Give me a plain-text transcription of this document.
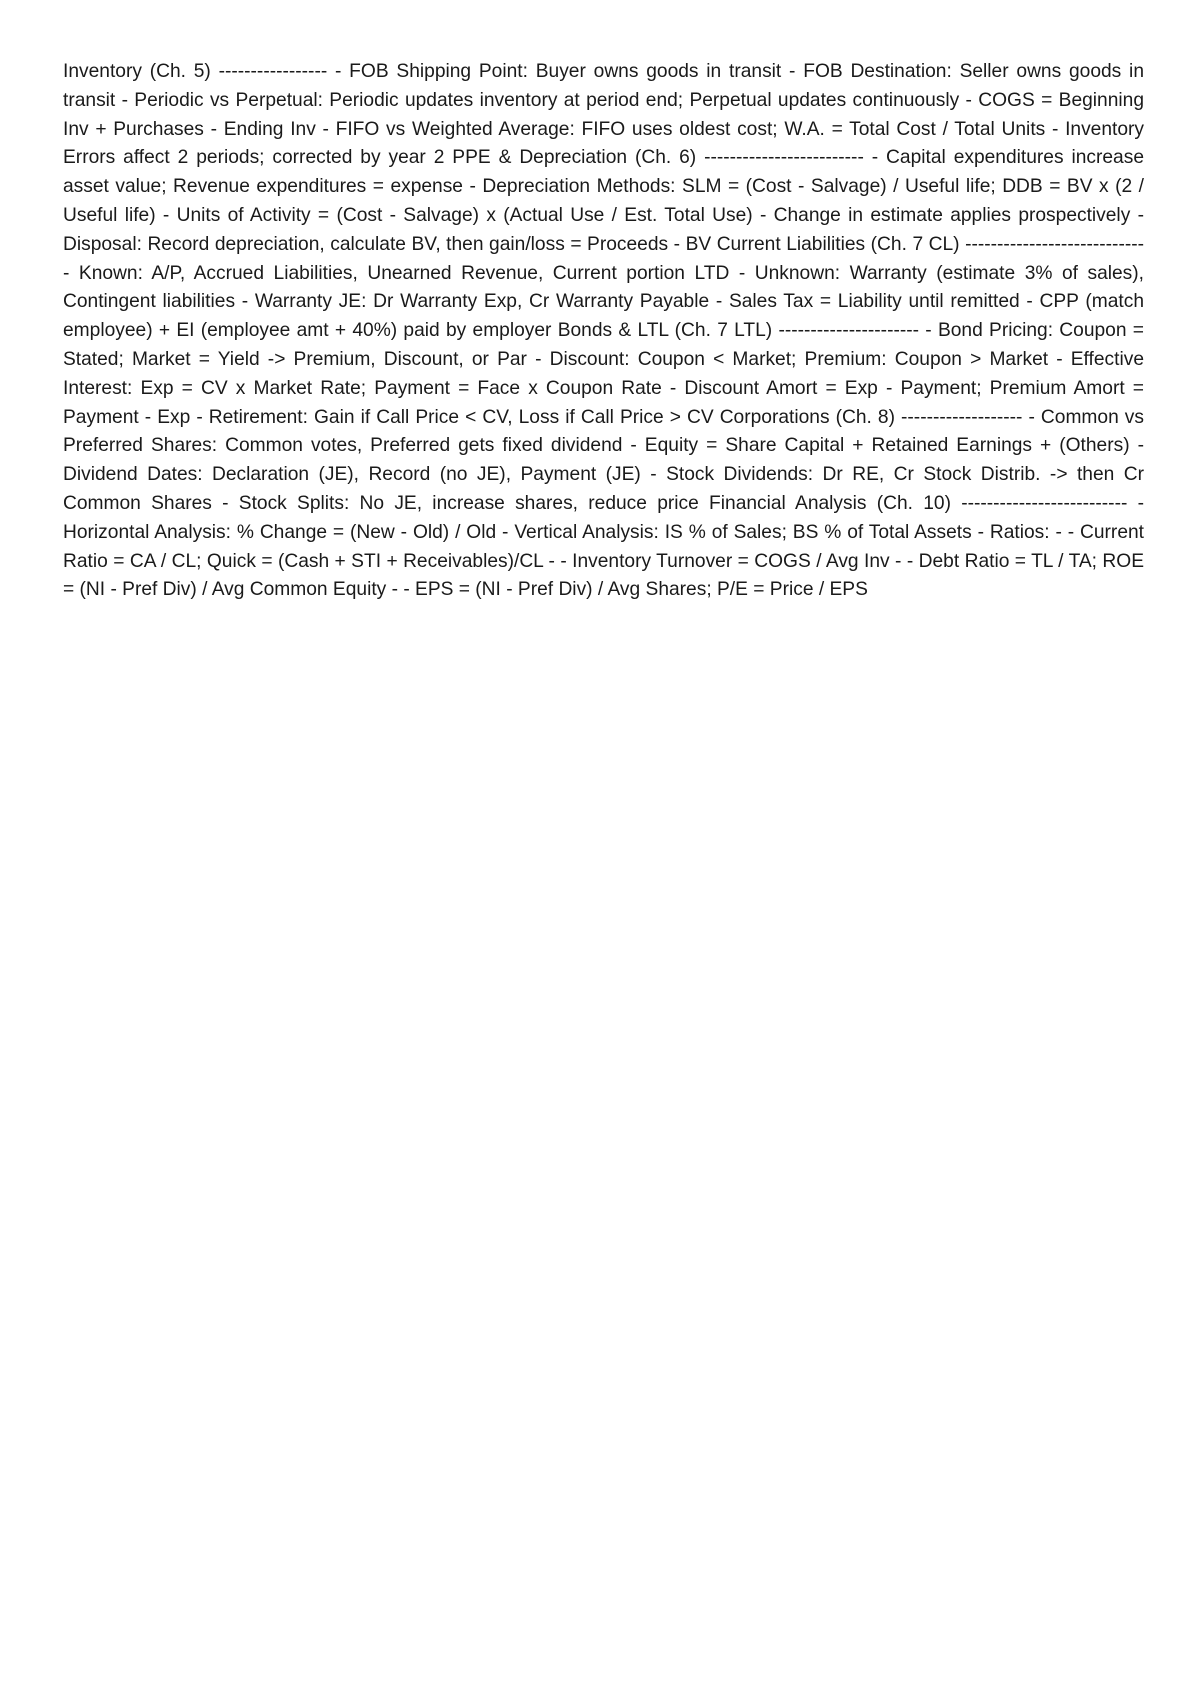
Inventory (Ch. 5) ----------------- - FOB Shipping Point: Buyer owns goods in transit - FOB Destination: Seller owns goods in transit - Periodic vs Perpetual: Periodic updates inventory at period end; Perpetual updates continuously - COGS = Beginning Inv + Purchases - Ending Inv - FIFO vs Weighted Average: FIFO uses oldest cost; W.A. = Total Cost / Total Units - Inventory Errors affect 2 periods; corrected by year 2 PPE & Depreciation (Ch. 6) ------------------------- - Capital expenditures increase asset value; Revenue expenditures = expense - Depreciation Methods: SLM = (Cost - Salvage) / Useful life; DDB = BV x (2 / Useful life) - Units of Activity = (Cost - Salvage) x (Actual Use / Est. Total Use) - Change in estimate applies prospectively - Disposal: Record depreciation, calculate BV, then gain/loss = Proceeds - BV Current Liabilities (Ch. 7 CL) ---------------------------- - Known: A/P, Accrued Liabilities, Unearned Revenue, Current portion LTD - Unknown: Warranty (estimate 3% of sales), Contingent liabilities - Warranty JE: Dr Warranty Exp, Cr Warranty Payable - Sales Tax = Liability until remitted - CPP (match employee) + EI (employee amt + 40%) paid by employer Bonds & LTL (Ch. 7 LTL) ---------------------- - Bond Pricing: Coupon = Stated; Market = Yield -> Premium, Discount, or Par - Discount: Coupon < Market; Premium: Coupon > Market - Effective Interest: Exp = CV x Market Rate; Payment = Face x Coupon Rate - Discount Amort = Exp - Payment; Premium Amort = Payment - Exp - Retirement: Gain if Call Price < CV, Loss if Call Price > CV Corporations (Ch. 8) ------------------- - Common vs Preferred Shares: Common votes, Preferred gets fixed dividend - Equity = Share Capital + Retained Earnings + (Others) - Dividend Dates: Declaration (JE), Record (no JE), Payment (JE) - Stock Dividends: Dr RE, Cr Stock Distrib. -> then Cr Common Shares - Stock Splits: No JE, increase shares, reduce price Financial Analysis (Ch. 10) -------------------------- - Horizontal Analysis: % Change = (New - Old) / Old - Vertical Analysis: IS % of Sales; BS % of Total Assets - Ratios: - - Current Ratio = CA / CL; Quick = (Cash + STI + Receivables)/CL - - Inventory Turnover = COGS / Avg Inv - - Debt Ratio = TL / TA; ROE = (NI - Pref Div) / Avg Common Equity - - EPS = (NI - Pref Div) / Avg Shares; P/E = Price / EPS
